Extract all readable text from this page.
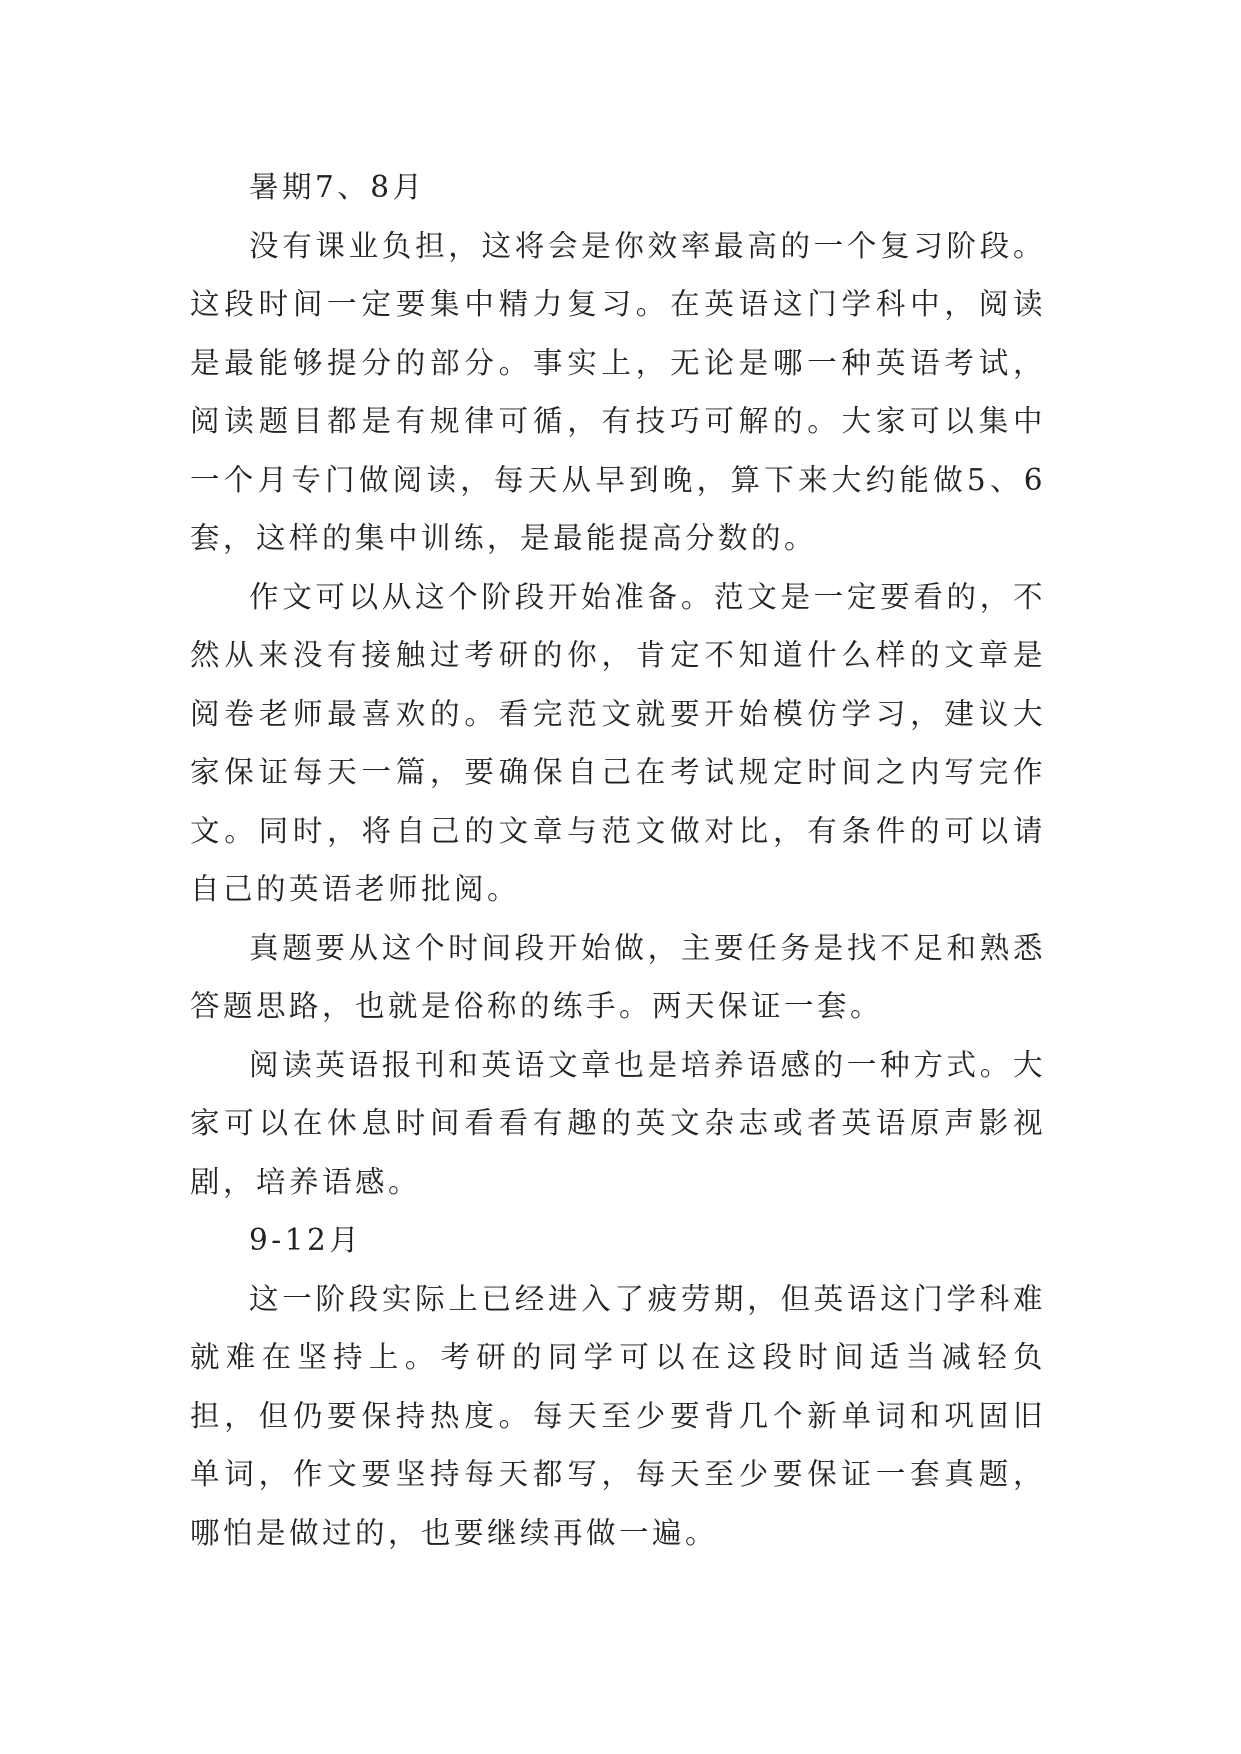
暑期7、8月

没有课业负担，这将会是你效率最高的一个复习阶段。这段时间一定要集中精力复习。在英语这门学科中，阅读是最能够提分的部分。事实上，无论是哪一种英语考试，阅读题目都是有规律可循，有技巧可解的。大家可以集中一个月专门做阅读，每天从早到晚，算下来大约能做5、6套，这样的集中训练，是最能提高分数的。

作文可以从这个阶段开始准备。范文是一定要看的，不然从来没有接触过考研的你，肯定不知道什么样的文章是阅卷老师最喜欢的。看完范文就要开始模仿学习，建议大家保证每天一篇，要确保自己在考试规定时间之内写完作文。同时，将自己的文章与范文做对比，有条件的可以请自己的英语老师批阅。

真题要从这个时间段开始做，主要任务是找不足和熟悉答题思路，也就是俗称的练手。两天保证一套。

阅读英语报刊和英语文章也是培养语感的一种方式。大家可以在休息时间看看有趣的英文杂志或者英语原声影视剧，培养语感。

9-12月

这一阶段实际上已经进入了疲劳期，但英语这门学科难就难在坚持上。考研的同学可以在这段时间适当减轻负担，但仍要保持热度。每天至少要背几个新单词和巩固旧单词，作文要坚持每天都写，每天至少要保证一套真题，哪怕是做过的，也要继续再做一遍。
